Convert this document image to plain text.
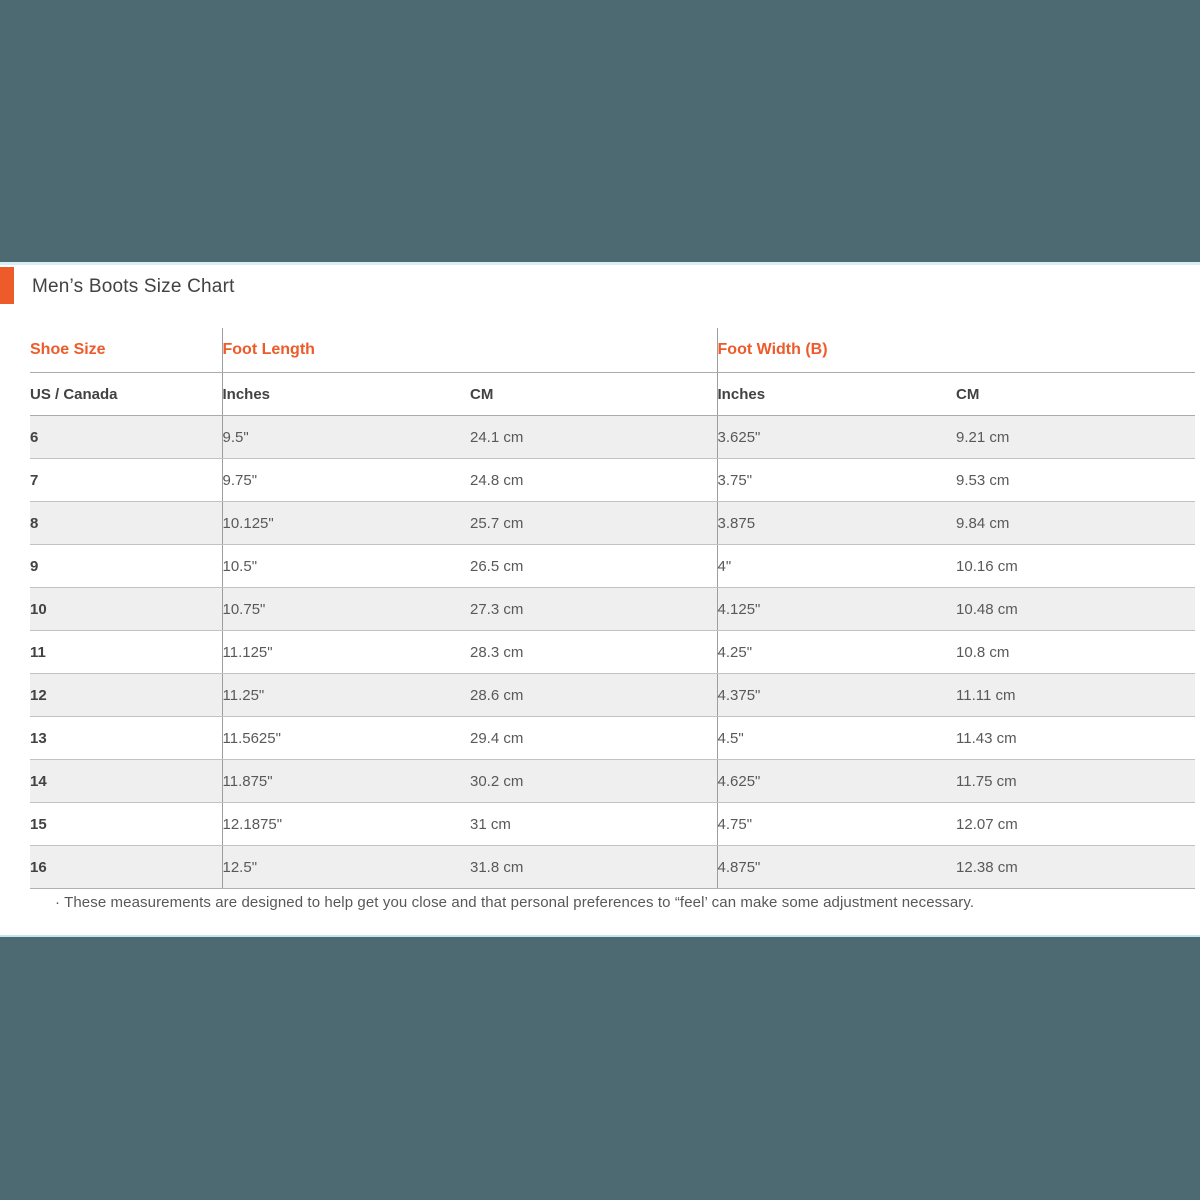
Men’s Boots Size Chart
Shoe Size	Foot Length		Foot Width (B)	
US / Canada	Inches	CM	Inches	CM
6	9.5"	24.1 cm	3.625"	9.21 cm
7	9.75"	24.8 cm	3.75"	9.53 cm
8	10.125"	25.7 cm	3.875	9.84 cm
9	10.5"	26.5 cm	4"	10.16 cm
10	10.75"	27.3 cm	4.125"	10.48 cm
11	11.125"	28.3 cm	4.25"	10.8 cm
12	11.25"	28.6 cm	4.375"	11.11 cm
13	11.5625"	29.4 cm	4.5"	11.43 cm
14	11.875"	30.2 cm	4.625"	11.75 cm
15	12.1875"	31 cm	4.75"	12.07 cm
16	12.5"	31.8 cm	4.875"	12.38 cm
· These measurements are designed to help get you close and that personal preferences to “feel’ can make some adjustment necessary.
